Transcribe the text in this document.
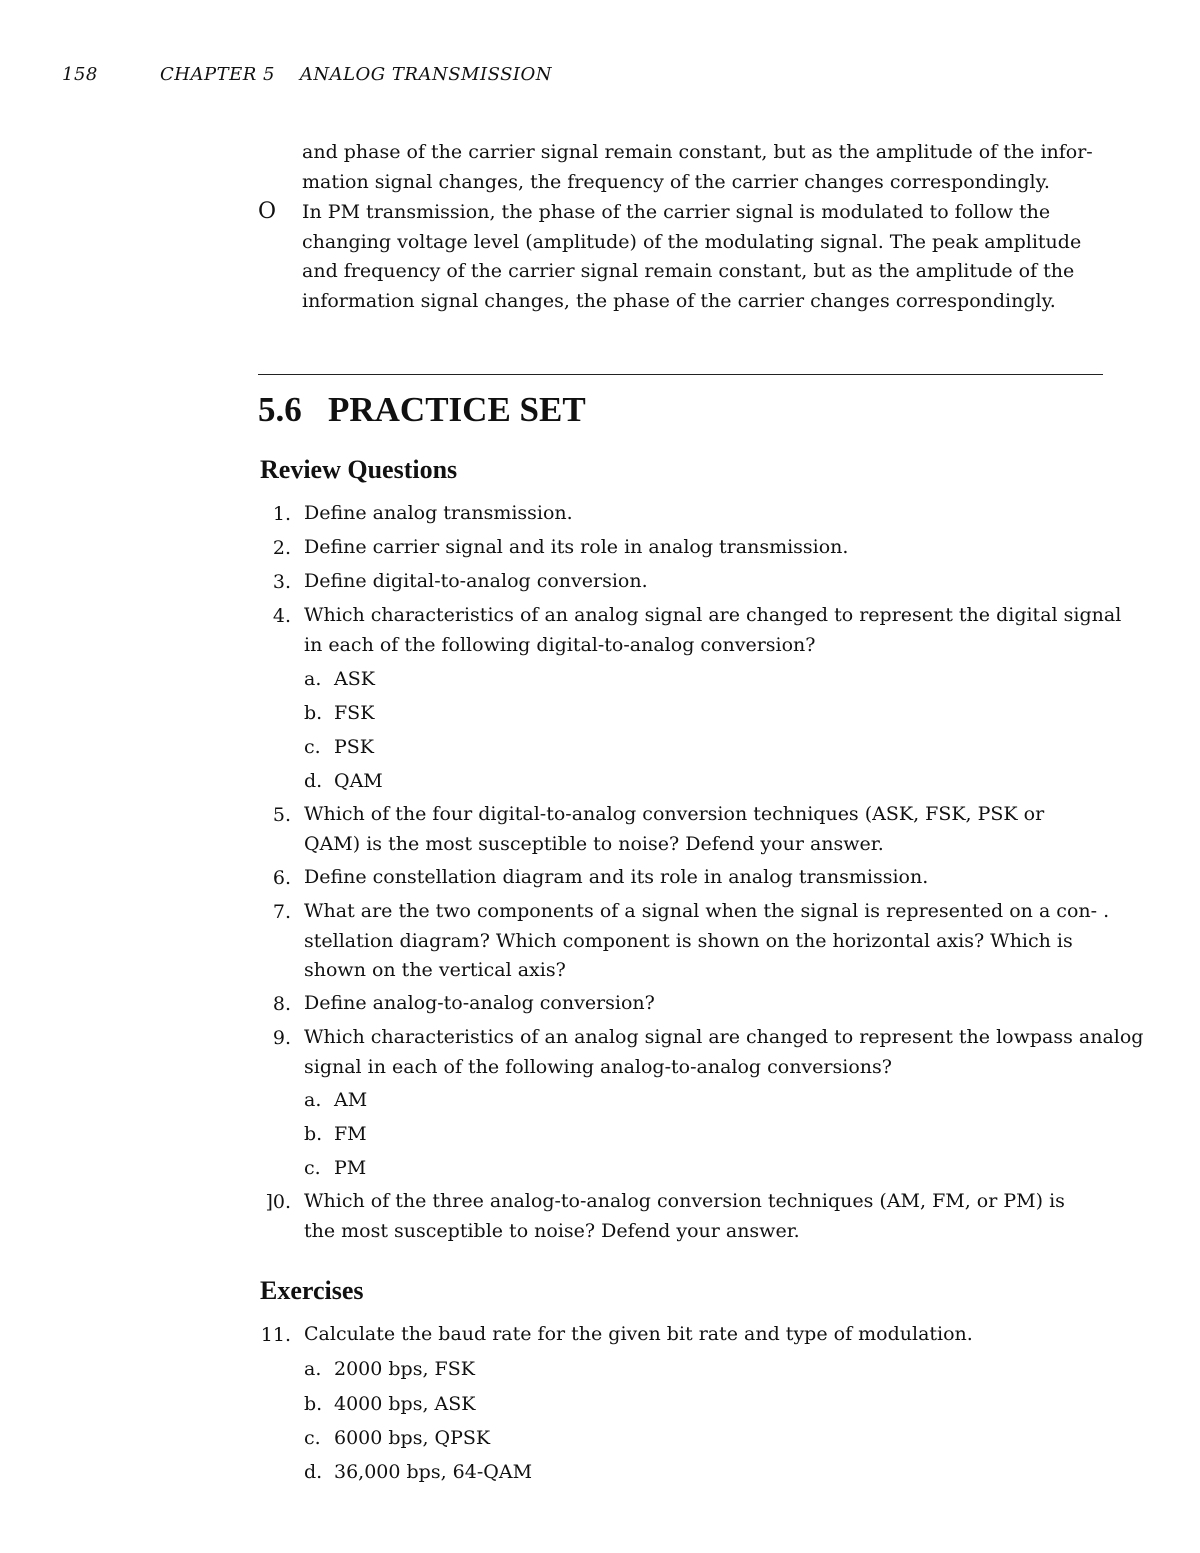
158	CHAPTER 5    ANALOG TRANSMISSION
and phase of the carrier signal remain constant, but as the amplitude of the infor-
mation signal changes, the frequency of the carrier changes correspondingly.
O In PM transmission, the phase of the carrier signal is modulated to follow the
changing voltage level (amplitude) of the modulating signal. The peak amplitude
and frequency of the carrier signal remain constant, but as the amplitude of the
information signal changes, the phase of the carrier changes correspondingly.
5.6   PRACTICE SET
Review Questions
1. Define analog transmission.
2. Define carrier signal and its role in analog transmission.
3. Define digital-to-analog conversion.
4. Which characteristics of an analog signal are changed to represent the digital signal
in each of the following digital-to-analog conversion?
a. ASK
b. FSK
c. PSK
d. QAM
5. Which of the four digital-to-analog conversion techniques (ASK, FSK, PSK or
QAM) is the most susceptible to noise? Defend your answer.
6. Define constellation diagram and its role in analog transmission.
7. What are the two components of a signal when the signal is represented on a con- .
stellation diagram? Which component is shown on the horizontal axis? Which is
shown on the vertical axis?
8. Define analog-to-analog conversion?
9. Which characteristics of an analog signal are changed to represent the lowpass analog
signal in each of the following analog-to-analog conversions?
a. AM
b. FM
c. PM
]0. Which of the three analog-to-analog conversion techniques (AM, FM, or PM) is
the most susceptible to noise? Defend your answer.
Exercises
11. Calculate the baud rate for the given bit rate and type of modulation.
a. 2000 bps, FSK
b. 4000 bps, ASK
c. 6000 bps, QPSK
d. 36,000 bps, 64-QAM
